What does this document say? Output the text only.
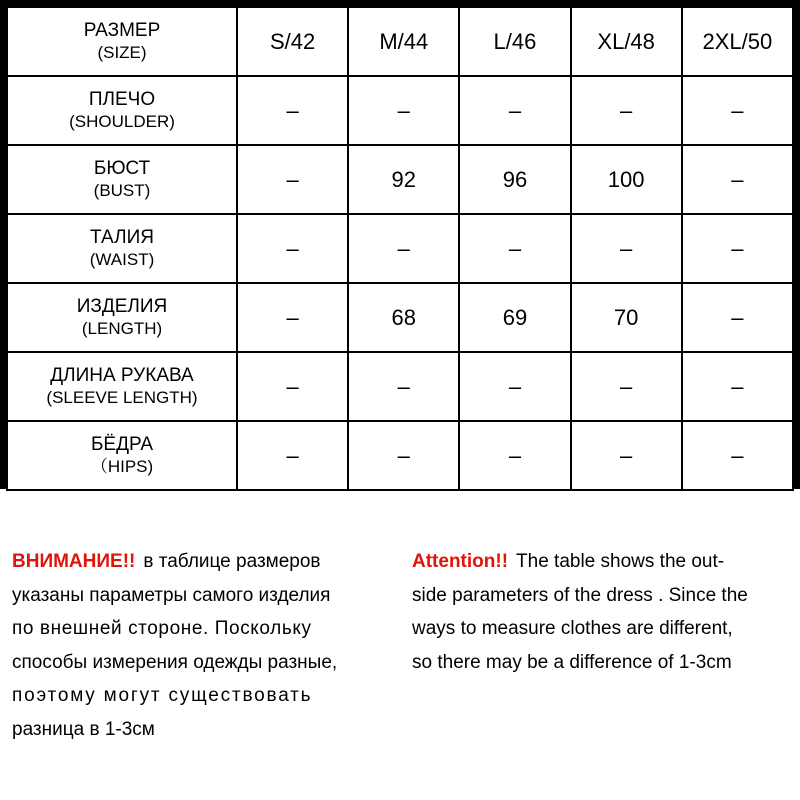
РАЗМЕР
(SIZE)	S/42	M/44	L/46	XL/48	2XL/50

ПЛЕЧО
(SHOULDER)	–	–	–	–	–

БЮСТ
(BUST)	–	92	96	100	–

ТАЛИЯ
(WAIST)	–	–	–	–	–

ИЗДЕЛИЯ
(LENGTH)	–	68	69	70	–

ДЛИНА РУКАВА
(SLEEVE LENGTH)	–	–	–	–	–

БЁДРА
（HIPS)	–	–	–	–	–
ВНИМАНИЕ!! в таблице размеров
указаны параметры самого изделия
по внешней стороне. Поскольку
способы измерения одежды разные,
поэтому могут существовать
разница в 1-3см
Attention!! The table shows the out-
side parameters of the dress . Since the
ways to measure clothes are different,
so there may be a difference of 1-3cm
